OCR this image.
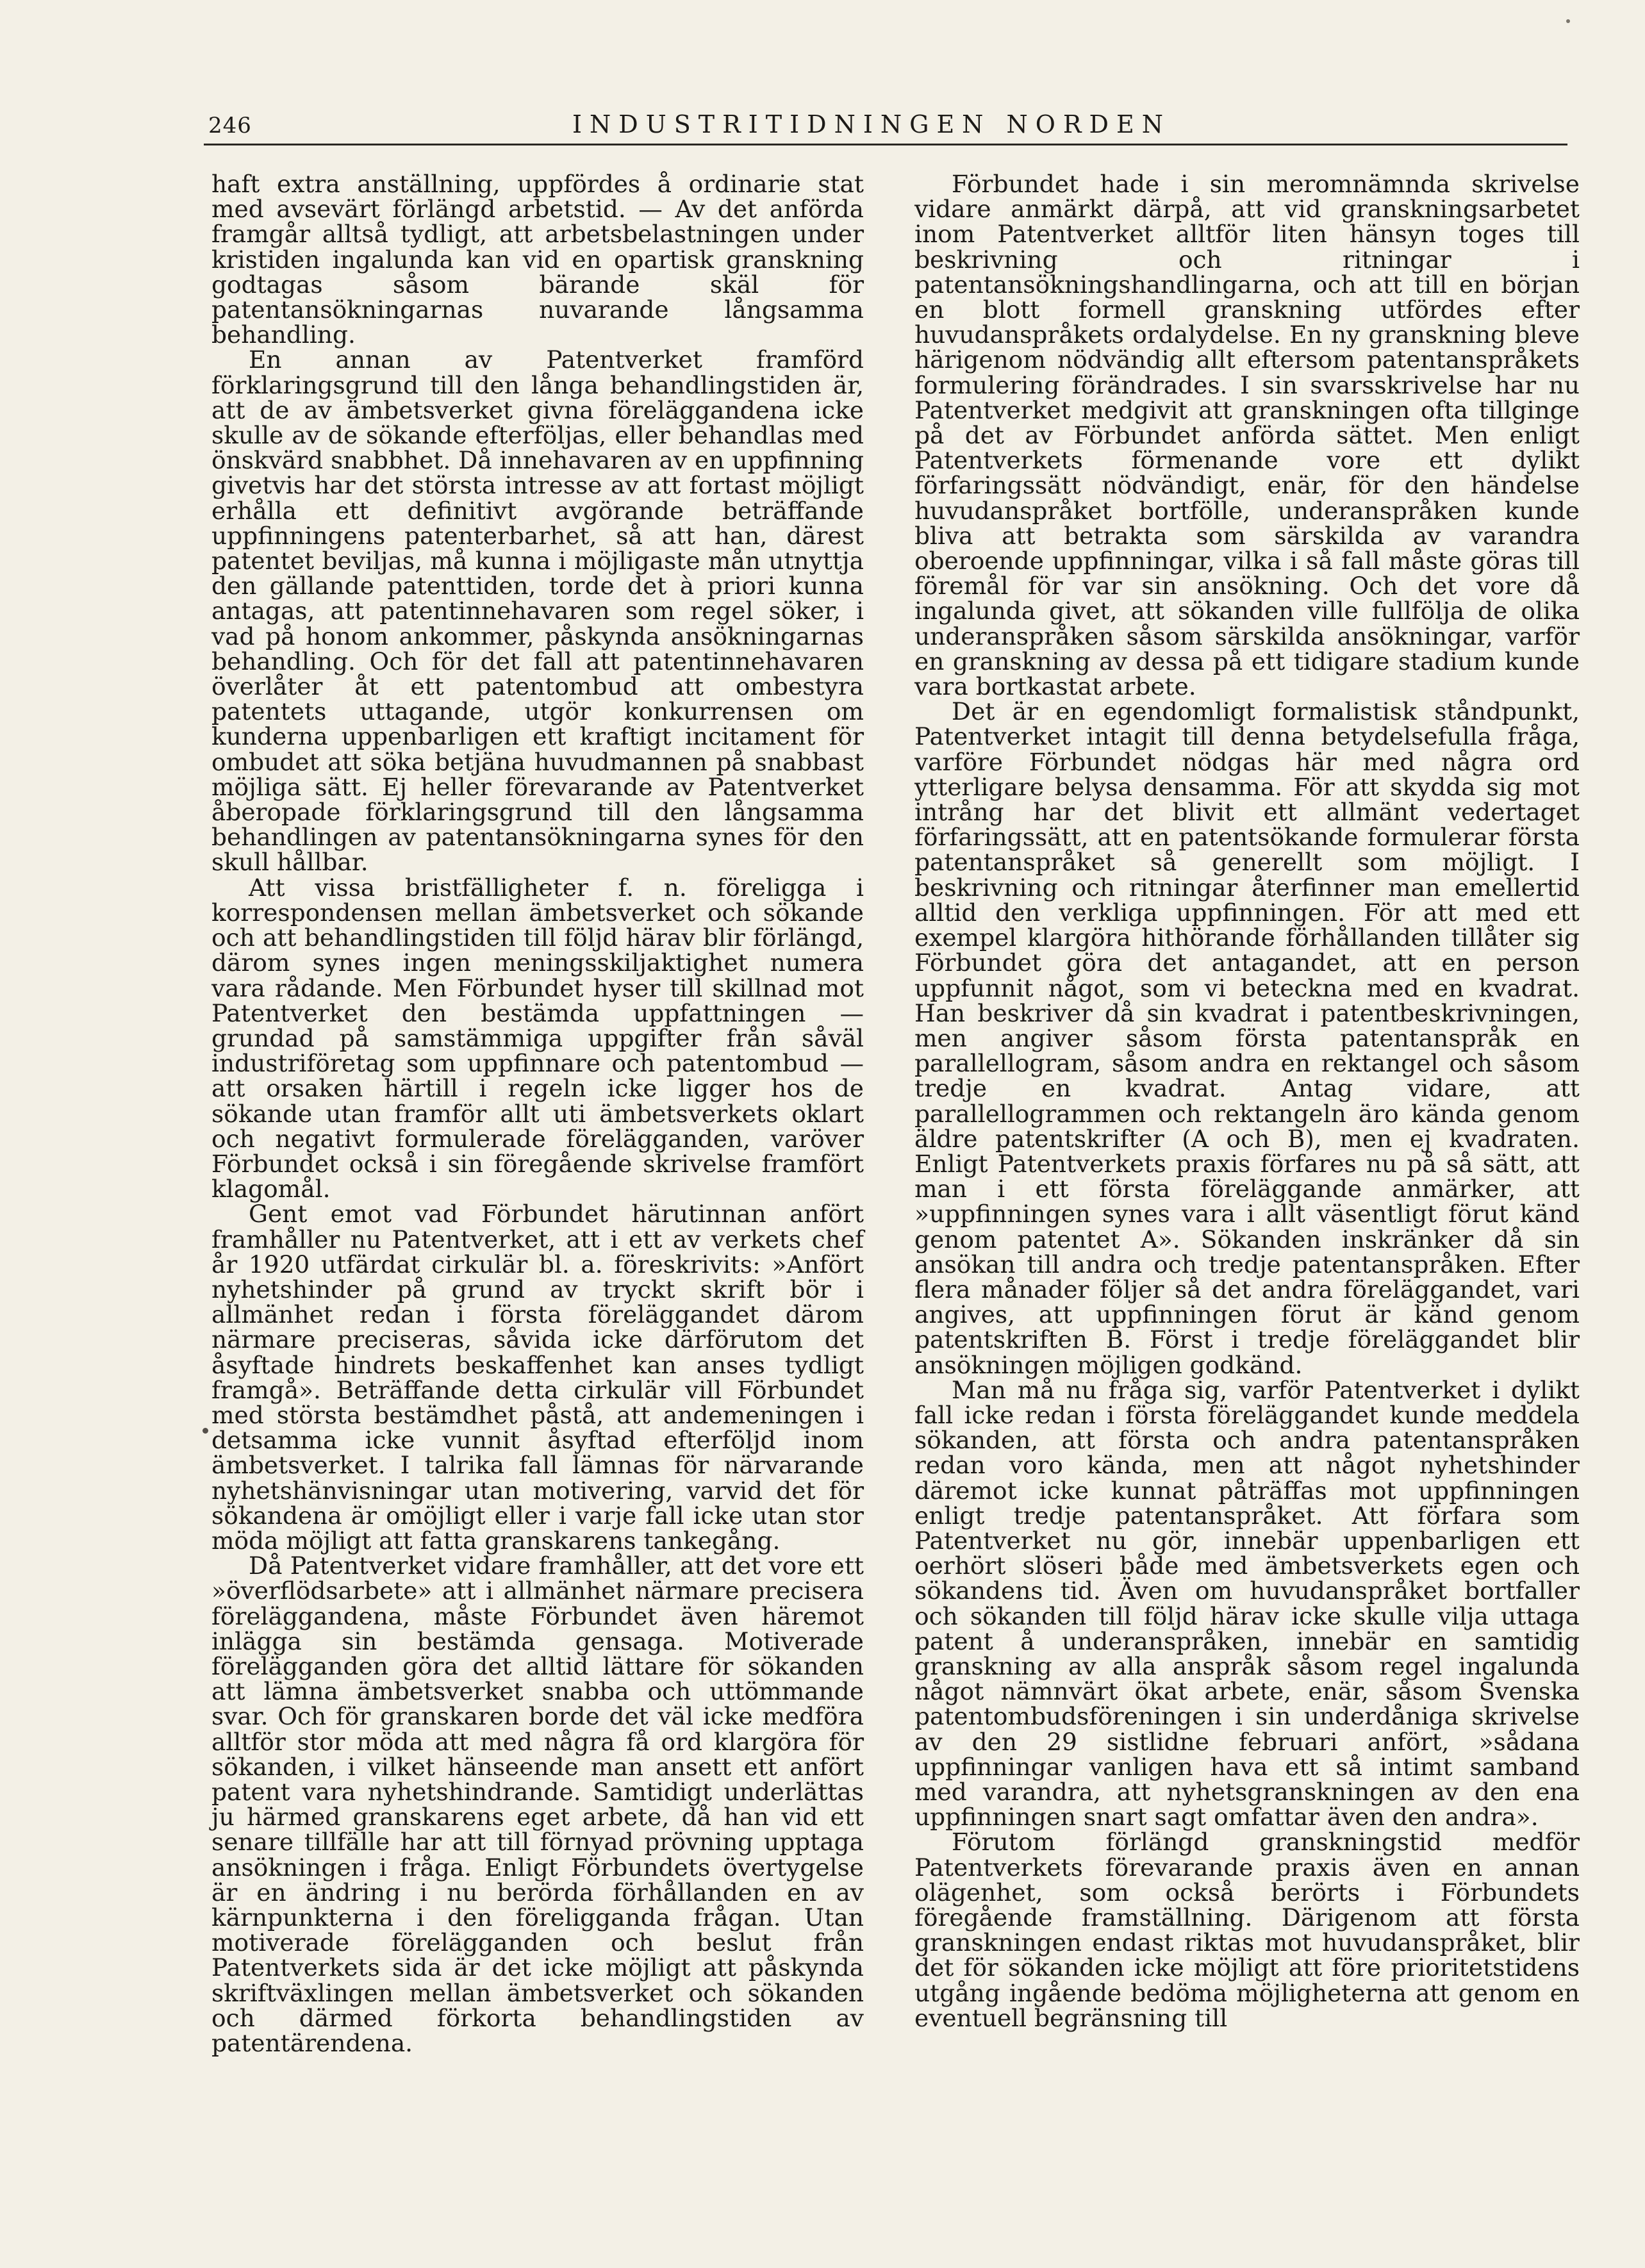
246	INDUSTRITIDNINGEN NORDEN

haft extra anställning, uppfördes å ordinarie stat med avsevärt förlängd arbetstid. — Av det anförda framgår alltså tydligt, att arbetsbelastningen under kristiden ingalunda kan vid en opartisk granskning godtagas såsom bärande skäl för patentansökningarnas nuvarande långsamma behandling.

En annan av Patentverket framförd förklaringsgrund till den långa behandlingstiden är, att de av ämbetsverket givna föreläggandena icke skulle av de sökande efterföljas, eller behandlas med önskvärd snabbhet. Då innehavaren av en uppfinning givetvis har det största intresse av att fortast möjligt erhålla ett definitivt avgörande beträffande uppfinningens patenterbarhet, så att han, därest patentet beviljas, må kunna i möjligaste mån utnyttja den gällande patenttiden, torde det à priori kunna antagas, att patentinnehavaren som regel söker, i vad på honom ankommer, påskynda ansökningarnas behandling. Och för det fall att patentinnehavaren överlåter åt ett patentombud att ombestyra patentets uttagande, utgör konkurrensen om kunderna uppenbarligen ett kraftigt incitament för ombudet att söka betjäna huvudmannen på snabbast möjliga sätt. Ej heller förevarande av Patentverket åberopade förklaringsgrund till den långsamma behandlingen av patentansökningarna synes för den skull hållbar.

Att vissa bristfälligheter f. n. föreligga i korrespondensen mellan ämbetsverket och sökande och att behandlingstiden till följd härav blir förlängd, därom synes ingen meningsskiljaktighet numera vara rådande. Men Förbundet hyser till skillnad mot Patentverket den bestämda uppfattningen — grundad på samstämmiga uppgifter från såväl industriföretag som uppfinnare och patentombud — att orsaken härtill i regeln icke ligger hos de sökande utan framför allt uti ämbetsverkets oklart och negativt formulerade förelägganden, varöver Förbundet också i sin föregående skrivelse framfört klagomål.

Gent emot vad Förbundet härutinnan anfört framhåller nu Patentverket, att i ett av verkets chef år 1920 utfärdat cirkulär bl. a. föreskrivits: »Anfört nyhetshinder på grund av tryckt skrift bör i allmänhet redan i första föreläggandet därom närmare preciseras, såvida icke därförutom det åsyftade hindrets beskaffenhet kan anses tydligt framgå». Beträffande detta cirkulär vill Förbundet med största bestämdhet påstå, att andemeningen i detsamma icke vunnit åsyftad efterföljd inom ämbetsverket. I talrika fall lämnas för närvarande nyhetshänvisningar utan motivering, varvid det för sökandena är omöjligt eller i varje fall icke utan stor möda möjligt att fatta granskarens tankegång.

Då Patentverket vidare framhåller, att det vore ett »överflödsarbete» att i allmänhet närmare precisera föreläggandena, måste Förbundet även häremot inlägga sin bestämda gensaga. Motiverade förelägganden göra det alltid lättare för sökanden att lämna ämbetsverket snabba och uttömmande svar. Och för granskaren borde det väl icke medföra alltför stor möda att med några få ord klargöra för sökanden, i vilket hänseende man ansett ett anfört patent vara nyhetshindrande. Samtidigt underlättas ju härmed granskarens eget arbete, då han vid ett senare tillfälle har att till förnyad prövning upptaga ansökningen i fråga. Enligt Förbundets övertygelse är en ändring i nu berörda förhållanden en av kärnpunkterna i den föreligganda frågan. Utan motiverade förelägganden och beslut från Patentverkets sida är det icke möjligt att påskynda skriftväxlingen mellan ämbetsverket och sökanden och därmed förkorta behandlingstiden av patentärendena.

Förbundet hade i sin meromnämnda skrivelse vidare anmärkt därpå, att vid granskningsarbetet inom Patentverket alltför liten hänsyn toges till beskrivning och ritningar i patentansökningshandlingarna, och att till en början en blott formell granskning utfördes efter huvudanspråkets ordalydelse. En ny granskning bleve härigenom nödvändig allt eftersom patentanspråkets formulering förändrades. I sin svarsskrivelse har nu Patentverket medgivit att granskningen ofta tillginge på det av Förbundet anförda sättet. Men enligt Patentverkets förmenande vore ett dylikt förfaringssätt nödvändigt, enär, för den händelse huvudanspråket bortfölle, underanspråken kunde bliva att betrakta som särskilda av varandra oberoende uppfinningar, vilka i så fall måste göras till föremål för var sin ansökning. Och det vore då ingalunda givet, att sökanden ville fullfölja de olika underanspråken såsom särskilda ansökningar, varför en granskning av dessa på ett tidigare stadium kunde vara bortkastat arbete.

Det är en egendomligt formalistisk ståndpunkt, Patentverket intagit till denna betydelsefulla fråga, varföre Förbundet nödgas här med några ord ytterligare belysa densamma. För att skydda sig mot intrång har det blivit ett allmänt vedertaget förfaringssätt, att en patentsökande formulerar första patentanspråket så generellt som möjligt. I beskrivning och ritningar återfinner man emellertid alltid den verkliga uppfinningen. För att med ett exempel klargöra hithörande förhållanden tillåter sig Förbundet göra det antagandet, att en person uppfunnit något, som vi beteckna med en kvadrat. Han beskriver då sin kvadrat i patentbeskrivningen, men angiver såsom första patentanspråk en parallellogram, såsom andra en rektangel och såsom tredje en kvadrat. Antag vidare, att parallellogrammen och rektangeln äro kända genom äldre patentskrifter (A och B), men ej kvadraten. Enligt Patentverkets praxis förfares nu på så sätt, att man i ett första föreläggande anmärker, att »uppfinningen synes vara i allt väsentligt förut känd genom patentet A». Sökanden inskränker då sin ansökan till andra och tredje patentanspråken. Efter flera månader följer så det andra föreläggandet, vari angives, att uppfinningen förut är känd genom patentskriften B. Först i tredje föreläggandet blir ansökningen möjligen godkänd.

Man må nu fråga sig, varför Patentverket i dylikt fall icke redan i första föreläggandet kunde meddela sökanden, att första och andra patentanspråken redan voro kända, men att något nyhetshinder däremot icke kunnat påträffas mot uppfinningen enligt tredje patentanspråket. Att förfara som Patentverket nu gör, innebär uppenbarligen ett oerhört slöseri både med ämbetsverkets egen och sökandens tid. Även om huvudanspråket bortfaller och sökanden till följd härav icke skulle vilja uttaga patent å underanspråken, innebär en samtidig granskning av alla anspråk såsom regel ingalunda något nämnvärt ökat arbete, enär, såsom Svenska patentombudsföreningen i sin underdåniga skrivelse av den 29 sistlidne februari anfört, »sådana uppfinningar vanligen hava ett så intimt samband med varandra, att nyhetsgranskningen av den ena uppfinningen snart sagt omfattar även den andra».

Förutom förlängd granskningstid medför Patentverkets förevarande praxis även en annan olägenhet, som också berörts i Förbundets föregående framställning. Därigenom att första granskningen endast riktas mot huvudanspråket, blir det för sökanden icke möjligt att före prioritetstidens utgång ingående bedöma möjligheterna att genom en eventuell begränsning till
